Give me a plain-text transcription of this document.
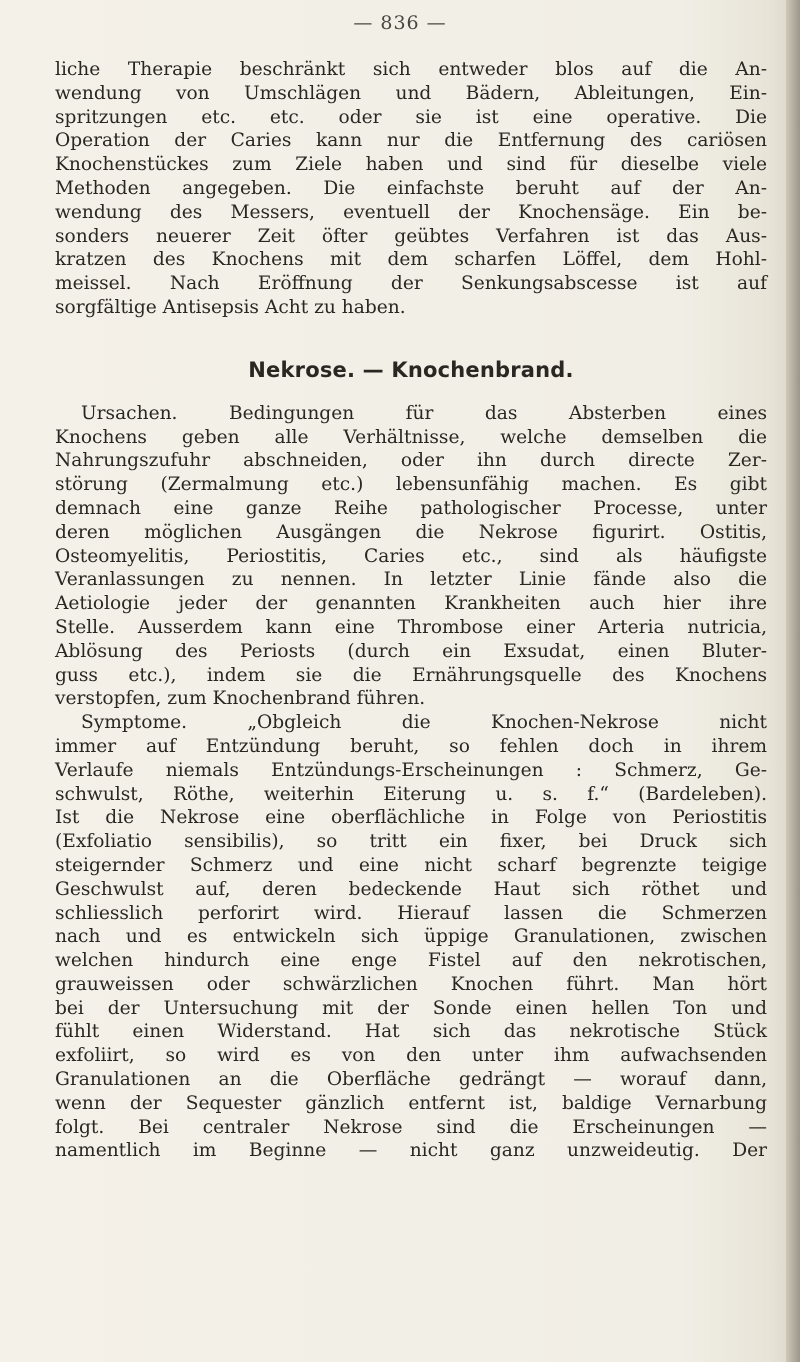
— 836 —
liche Therapie beschränkt sich entweder blos auf die An-
wendung von Umschlägen und Bädern, Ableitungen, Ein-
spritzungen etc. etc. oder sie ist eine operative. Die
Operation der Caries kann nur die Entfernung des cariösen
Knochenstückes zum Ziele haben und sind für dieselbe viele
Methoden angegeben. Die einfachste beruht auf der An-
wendung des Messers, eventuell der Knochensäge. Ein be-
sonders neuerer Zeit öfter geübtes Verfahren ist das Aus-
kratzen des Knochens mit dem scharfen Löffel, dem Hohl-
meissel. Nach Eröffnung der Senkungsabscesse ist auf
sorgfältige Antisepsis Acht zu haben.
Nekrose. — Knochenbrand.
Ursachen. Bedingungen für das Absterben eines
Knochens geben alle Verhältnisse, welche demselben die
Nahrungszufuhr abschneiden, oder ihn durch directe Zer-
störung (Zermalmung etc.) lebensunfähig machen. Es gibt
demnach eine ganze Reihe pathologischer Processe, unter
deren möglichen Ausgängen die Nekrose figurirt. Ostitis,
Osteomyelitis, Periostitis, Caries etc., sind als häufigste
Veranlassungen zu nennen. In letzter Linie fände also die
Aetiologie jeder der genannten Krankheiten auch hier ihre
Stelle. Ausserdem kann eine Thrombose einer Arteria nutricia,
Ablösung des Periosts (durch ein Exsudat, einen Bluter-
guss etc.), indem sie die Ernährungsquelle des Knochens
verstopfen, zum Knochenbrand führen.
Symptome. „Obgleich die Knochen-Nekrose nicht
immer auf Entzündung beruht, so fehlen doch in ihrem
Verlaufe niemals Entzündungs-Erscheinungen : Schmerz, Ge-
schwulst, Röthe, weiterhin Eiterung u. s. f.“ (Bardeleben).
Ist die Nekrose eine oberflächliche in Folge von Periostitis
(Exfoliatio sensibilis), so tritt ein fixer, bei Druck sich
steigernder Schmerz und eine nicht scharf begrenzte teigige
Geschwulst auf, deren bedeckende Haut sich röthet und
schliesslich perforirt wird. Hierauf lassen die Schmerzen
nach und es entwickeln sich üppige Granulationen, zwischen
welchen hindurch eine enge Fistel auf den nekrotischen,
grauweissen oder schwärzlichen Knochen führt. Man hört
bei der Untersuchung mit der Sonde einen hellen Ton und
fühlt einen Widerstand. Hat sich das nekrotische Stück
exfoliirt, so wird es von den unter ihm aufwachsenden
Granulationen an die Oberfläche gedrängt — worauf dann,
wenn der Sequester gänzlich entfernt ist, baldige Vernarbung
folgt. Bei centraler Nekrose sind die Erscheinungen —
namentlich im Beginne — nicht ganz unzweideutig. Der
